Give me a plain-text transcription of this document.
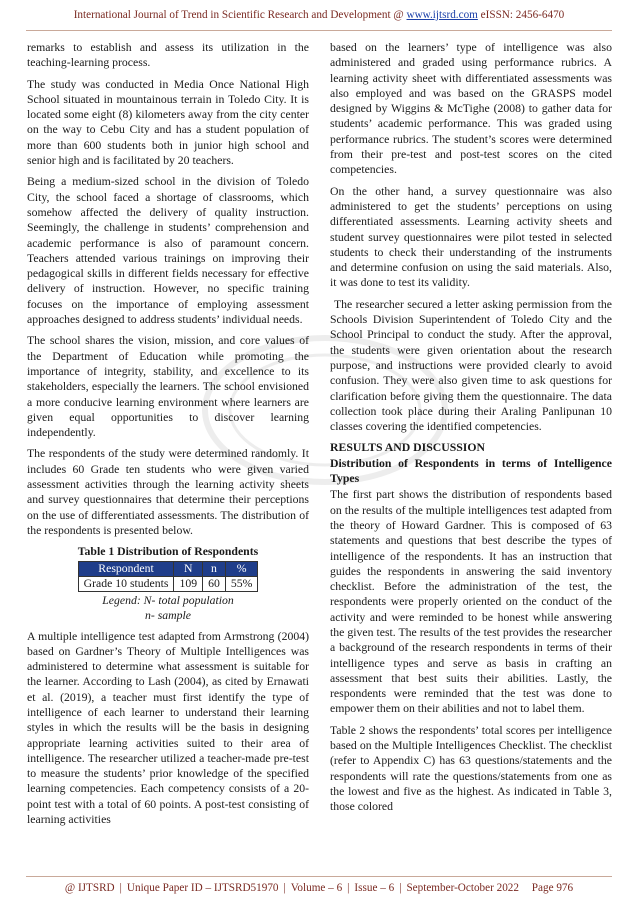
International Journal of Trend in Scientific Research and Development @ www.ijtsrd.com eISSN: 2456-6470

remarks to establish and assess its utilization in the teaching-learning process.

The study was conducted in Media Once National High School situated in mountainous terrain in Toledo City. It is located some eight (8) kilometers away from the city center on the way to Cebu City and has a student population of more than 600 students both in junior high school and senior high and is facilitated by 20 teachers.

Being a medium-sized school in the division of Toledo City, the school faced a shortage of classrooms, which somehow affected the delivery of quality instruction. Seemingly, the challenge in students’ comprehension and academic performance is also of paramount concern. Teachers attended various trainings on improving their pedagogical skills in different fields necessary for effective delivery of instruction. However, no specific training focuses on the importance of employing assessment approaches designed to address students’ individual needs.

The school shares the vision, mission, and core values of the Department of Education while promoting the importance of integrity, stability, and excellence to its stakeholders, especially the learners. The school envisioned a more conducive learning environment where learners are given equal opportunities to discover learning independently.

The respondents of the study were determined randomly. It includes 60 Grade ten students who were given varied assessment activities through the learning activity sheets and survey questionnaires that determine their perceptions on the use of differentiated assessments. The distribution of the respondents is presented below.

Table 1 Distribution of Respondents
Respondent	N	n	%
Grade 10 students	109	60	55%
Legend: N- total population
n- sample

A multiple intelligence test adapted from Armstrong (2004) based on Gardner’s Theory of Multiple Intelligences was administered to determine what assessment is suitable for the learner. According to Lash (2004), as cited by Ernawati et al. (2019), a teacher must first identify the type of intelligence of each learner to understand their learning styles in which the results will be the basis in designing appropriate learning activities suited to their area of intelligence. The researcher utilized a teacher-made pre-test to measure the students’ prior knowledge of the specified learning competencies. Each competency consists of a 20-point test with a total of 60 points. A post-test consisting of learning activities

based on the learners’ type of intelligence was also administered and graded using performance rubrics. A learning activity sheet with differentiated assessments was also employed and was based on the GRASPS model designed by Wiggins & McTighe (2008) to gather data for students’ academic performance. This was graded using performance rubrics. The student’s scores were determined from their pre-test and post-test scores on the cited competencies.

On the other hand, a survey questionnaire was also administered to get the students’ perceptions on using differentiated assessments. Learning activity sheets and student survey questionnaires were pilot tested in selected students to check their understanding of the instruments and determine confusion on using the said materials. Also, it was done to test its validity.

The researcher secured a letter asking permission from the Schools Division Superintendent of Toledo City and the School Principal to conduct the study. After the approval, the students were given orientation about the research purpose, and instructions were provided clearly to avoid confusion. They were also given time to ask questions for clarification before giving them the questionnaire. The data collection took place during their Araling Panlipunan 10 classes covering the identified competencies.

RESULTS AND DISCUSSION
Distribution of Respondents in terms of Intelligence Types

The first part shows the distribution of respondents based on the results of the multiple intelligences test adapted from the theory of Howard Gardner. This is composed of 63 statements and questions that best describe the types of intelligence of the respondents. It has an instruction that guides the respondents in answering the said inventory checklist. Before the administration of the test, the respondents were properly oriented on the conduct of the activity and were reminded to be honest while answering the given test. The results of the test provides the researcher a background of the research respondents in terms of their intelligence types and serve as basis in crafting an assessment that best suits their abilities. Lastly, the respondents were reminded that the test was done to empower them on their abilities and not to label them.

Table 2 shows the respondents’ total scores per intelligence based on the Multiple Intelligences Checklist. The checklist (refer to Appendix C) has 63 questions/statements and the respondents will rate the questions/statements from one as the lowest and five as the highest. As indicated in Table 3, those colored

@ IJTSRD | Unique Paper ID – IJTSRD51970 | Volume – 6 | Issue – 6 | September-October 2022 Page 976
